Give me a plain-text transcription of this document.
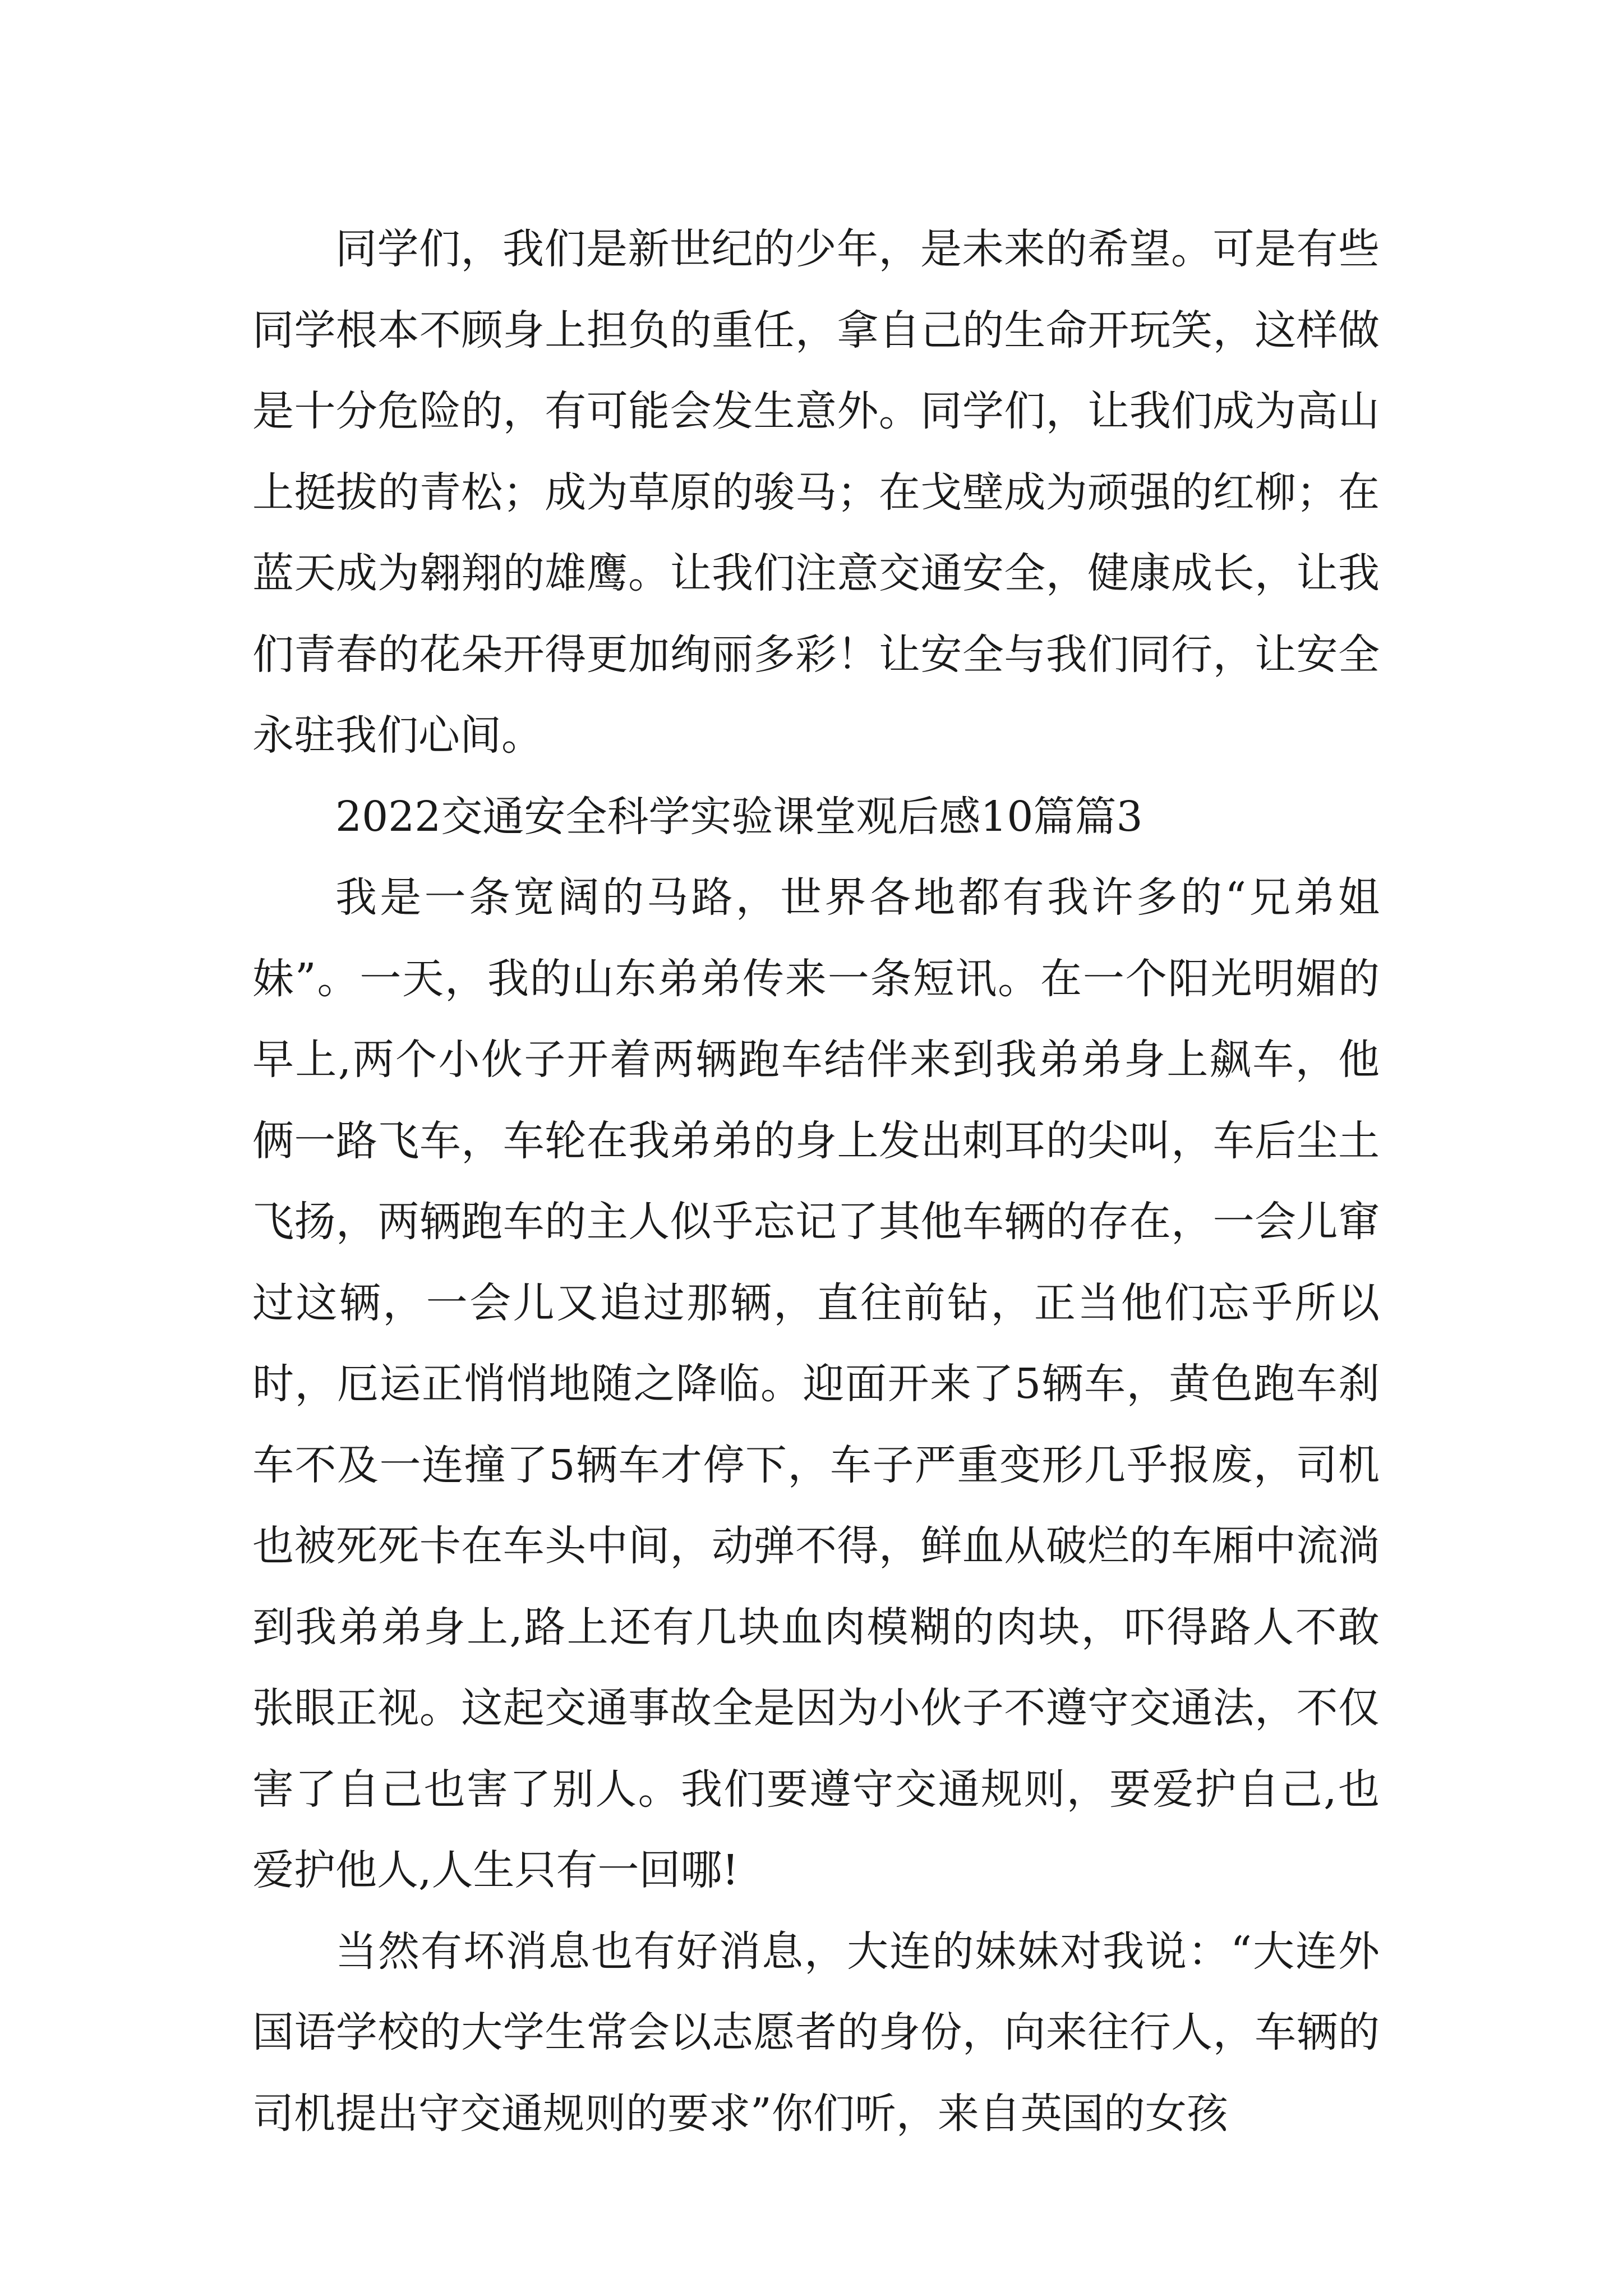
同学们，我们是新世纪的少年，是未来的希望。可是有些同学根本不顾身上担负的重任，拿自己的生命开玩笑，这样做是十分危险的，有可能会发生意外。同学们，让我们成为高山上挺拔的青松；成为草原的骏马；在戈壁成为顽强的红柳；在蓝天成为翱翔的雄鹰。让我们注意交通安全，健康成长，让我们青春的花朵开得更加绚丽多彩！让安全与我们同行，让安全永驻我们心间。

2022交通安全科学实验课堂观后感10篇篇3

我是一条宽阔的马路，世界各地都有我许多的“兄弟姐妹”。一天，我的山东弟弟传来一条短讯。在一个阳光明媚的早上,两个小伙子开着两辆跑车结伴来到我弟弟身上飙车，他俩一路飞车，车轮在我弟弟的身上发出刺耳的尖叫，车后尘土飞扬，两辆跑车的主人似乎忘记了其他车辆的存在，一会儿窜过这辆，一会儿又追过那辆，直往前钻，正当他们忘乎所以时，厄运正悄悄地随之降临。迎面开来了5辆车，黄色跑车刹车不及一连撞了5辆车才停下，车子严重变形几乎报废，司机也被死死卡在车头中间，动弹不得，鲜血从破烂的车厢中流淌到我弟弟身上,路上还有几块血肉模糊的肉块，吓得路人不敢张眼正视。这起交通事故全是因为小伙子不遵守交通法，不仅害了自己也害了别人。我们要遵守交通规则，要爱护自己,也爱护他人,人生只有一回哪!

当然有坏消息也有好消息，大连的妹妹对我说：“大连外国语学校的大学生常会以志愿者的身份，向来往行人，车辆的司机提出守交通规则的要求”你们听，来自英国的女孩
